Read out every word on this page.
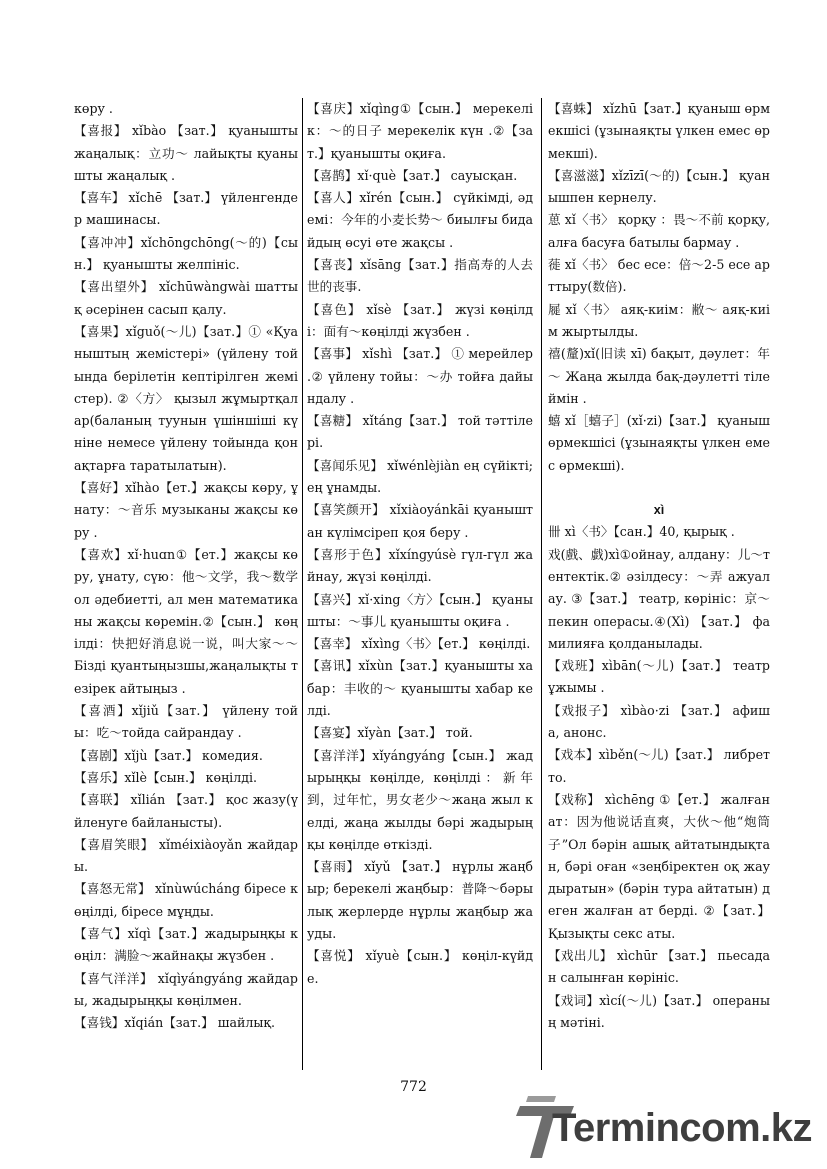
көру .

【喜报】 xǐbào 【зат.】 қуанышты жаңалық：立功～ лайықты қуанышты жаңалық .

【喜车】 xǐchē 【зат.】 үйленгендер машинасы.

【喜冲冲】xǐchōngchōng(～的)【сын.】 қуанышты желпініс.

【喜出望外】 xǐchūwàngwài шаттық әсерінен сасып қалу.

【喜果】xǐguǒ(～儿)【зат.】① «Қуаныштың жемістері» (үйлену тойында берілетін кептірілген жемістер). ②〈方〉 қызыл жұмыртқалар(баланың туунын үшіншіші күніне немесе үйлену тойында қонақтарға таратылатын).

【喜好】xǐhào【ет.】жақсы көру, ұнату：～音乐 музыканы жақсы көру .

【喜欢】xǐ·huɑn①【ет.】жақсы көру, ұнату, сүю：他～文学，我～数学 ол әдебиетті, ал мен математиканы жақсы көремін.②【сын.】 көңілді：快把好消息说一说，叫大家～～ Бізді қуантыңызшы,жаңалықты тезірек айтыңыз .

【喜酒】xǐjiǔ【зат.】 үйлену тойы：吃～тойда сайрандау .

【喜剧】xǐjù【зат.】 комедия.

【喜乐】xǐlè【сын.】 көңілді.

【喜联】 xǐlián 【зат.】 қос жазу(үйленуге байланысты).

【喜眉笑眼】 xǐméixiàoyǎn жайдары.

【喜怒无常】 xǐnùwúcháng біресе көңілді, біресе мұңды.

【喜气】xǐqì【зат.】жадырыңқы көңіл：满脸～жайнақы жүзбен .

【喜气洋洋】 xǐqìyángyáng жайдары, жадырыңқы көңілмен.

【喜钱】xǐqián【зат.】 шайлық.

【喜庆】xǐqìng①【сын.】 мерекелік：～的日子 мерекелік күн .②【зат.】қуанышты оқиға.

【喜鹊】xǐ·què【зат.】 сауысқан.

【喜人】xǐrén【сын.】 сүйкімді, әдемі：今年的小麦长势～ биылғы бидайдың өсуі өте жақсы .

【喜丧】xǐsāng【зат.】指高寿的人去世的丧事.

【喜色】 xǐsè 【зат.】 жүзі көңілді：面有～көңілді жүзбен .

【喜事】 xǐshì 【зат.】 ① мерейлер .② үйлену тойы：～办 тойға дайындалу .

【喜糖】 xǐtáng【зат.】 той тәттілері.

【喜闻乐见】 xǐwénlèjiàn ең сүйікті; ең ұнамды.

【喜笑颜开】 xǐxiàoyánkāi қуаныштан күлімсіреп қоя беру .

【喜形于色】xǐxíngyúsè гүл-гүл жайнау, жүзі көңілді.

【喜兴】xǐ·xing〈方〉【сын.】 қуанышты：～事儿 қуанышты оқиға .

【喜幸】 xǐxìng〈书〉【ет.】 көңілді.

【喜讯】xǐxùn【зат.】қуанышты хабар：丰收的～ қуанышты хабар келді.

【喜宴】xǐyàn【зат.】 той.

【喜洋洋】xǐyángyáng【сын.】 жадырыңқы көңілде, көңілді：新年到，过年忙，男女老少～жаңа жыл келді, жаңа жылды бәрі жадырыңқы көңілде өткізді.

【喜雨】 xǐyǔ 【зат.】 нұрлы жаңбыр; берекелі жаңбыр：普降～бәрылық жерлерде нұрлы жаңбыр жауды.

【喜悦】 xǐyuè【сын.】 көңіл-күйде.

【喜蛛】 xǐzhū【зат.】қуаныш өрмекшісі (ұзынаяқты үлкен емес өрмекші).

【喜滋滋】xǐzīzī(～的)【сын.】 қуанышпен кернелу.

葸 xǐ〈书〉 қорқу ：畏～不前 қорқу, алға басуға батылы бармау .

蓰 xǐ〈书〉 бес есе：倍～2-5 есе арттыру(数倍).

屣 xǐ〈书〉 аяқ-киім：敝～ аяқ-киім жыртылды.

禧(釐)xǐ(旧读 xī) бақыт, дәулет：年～ Жаңа жылда бақ-дәулетті тілеймін .

蟢 xǐ［蟢子］(xǐ·zi)【зат.】 қуаныш өрмекшісі (ұзынаяқты үлкен емес өрмекші).

xì

卌 xì〈书〉【сан.】40, қырық .

戏(戲、戯)xì①ойнау, алдану：儿～тентектік.② әзілдесу：～弄 ажуалау. ③【зат.】 театр, көрініс：京～пекин операсы.④(Xì) 【зат.】 фамилияға қолданылады.

【戏班】xìbān(～儿)【зат.】 театр ұжымы .

【戏报子】 xìbào·zi 【зат.】 афиша, анонс.

【戏本】xìběn(～儿)【зат.】 либретто.

【戏称】 xìchēng ①【ет.】 жалған ат：因为他说话直爽，大伙～他“炮筒子”Ол бәрін ашық айтатындықтан, бәрі оған «зеңбіректен оқ жаудыратын» (бәрін тура айтатын) деген жалған ат берді. ②【зат.】 Қызықты секс аты.

【戏出儿】 xìchūr 【зат.】 пьесадан салынған көрініс.

【戏词】xìcí(～儿)【зат.】 операның мәтіні.

772
Termincom.kz
